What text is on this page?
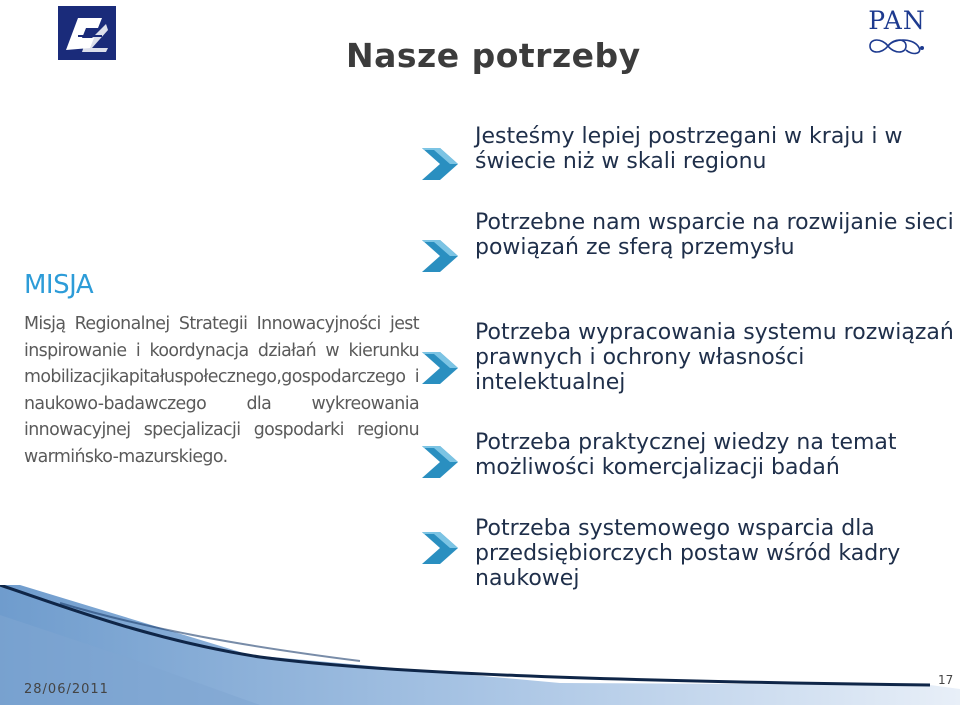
PAN
Nasze potrzeby
MISJA

Misją Regionalnej Strategii Innowacyjności jest inspirowanie i koordynacja działań w kierunku mobilizacjikapitałuspołecznego,gospodarczego i naukowo-badawczego dla wykreowania innowacyjnej specjalizacji gospodarki regionu warmińsko-mazurskiego.

Jesteśmy lepiej postrzegani w kraju i w świecie niż w skali regionu

Potrzebne nam wsparcie na rozwijanie sieci powiązań ze sferą przemysłu

Potrzeba wypracowania systemu rozwiązań prawnych i ochrony własności intelektualnej

Potrzeba praktycznej wiedzy na temat możliwości komercjalizacji badań

Potrzeba systemowego wsparcia dla przedsiębiorczych postaw wśród kadry naukowej

28/06/2011
17
